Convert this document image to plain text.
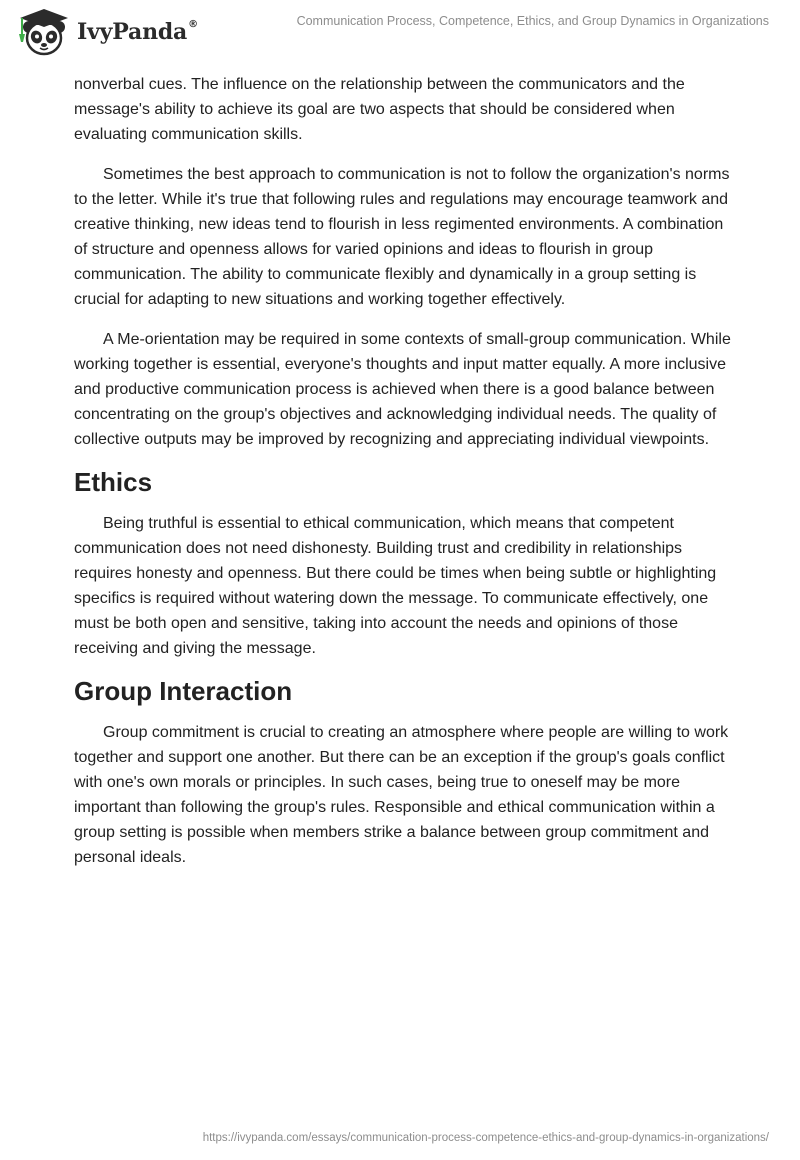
IvyPanda®	Communication Process, Competence, Ethics, and Group Dynamics in Organizations

nonverbal cues. The influence on the relationship between the communicators and the message's ability to achieve its goal are two aspects that should be considered when evaluating communication skills.

Sometimes the best approach to communication is not to follow the organization's norms to the letter. While it's true that following rules and regulations may encourage teamwork and creative thinking, new ideas tend to flourish in less regimented environments. A combination of structure and openness allows for varied opinions and ideas to flourish in group communication. The ability to communicate flexibly and dynamically in a group setting is crucial for adapting to new situations and working together effectively.

A Me-orientation may be required in some contexts of small-group communication. While working together is essential, everyone's thoughts and input matter equally. A more inclusive and productive communication process is achieved when there is a good balance between concentrating on the group's objectives and acknowledging individual needs. The quality of collective outputs may be improved by recognizing and appreciating individual viewpoints.

Ethics

Being truthful is essential to ethical communication, which means that competent communication does not need dishonesty. Building trust and credibility in relationships requires honesty and openness. But there could be times when being subtle or highlighting specifics is required without watering down the message. To communicate effectively, one must be both open and sensitive, taking into account the needs and opinions of those receiving and giving the message.

Group Interaction

Group commitment is crucial to creating an atmosphere where people are willing to work together and support one another. But there can be an exception if the group's goals conflict with one's own morals or principles. In such cases, being true to oneself may be more important than following the group's rules. Responsible and ethical communication within a group setting is possible when members strike a balance between group commitment and personal ideals.

https://ivypanda.com/essays/communication-process-competence-ethics-and-group-dynamics-in-organizations/
